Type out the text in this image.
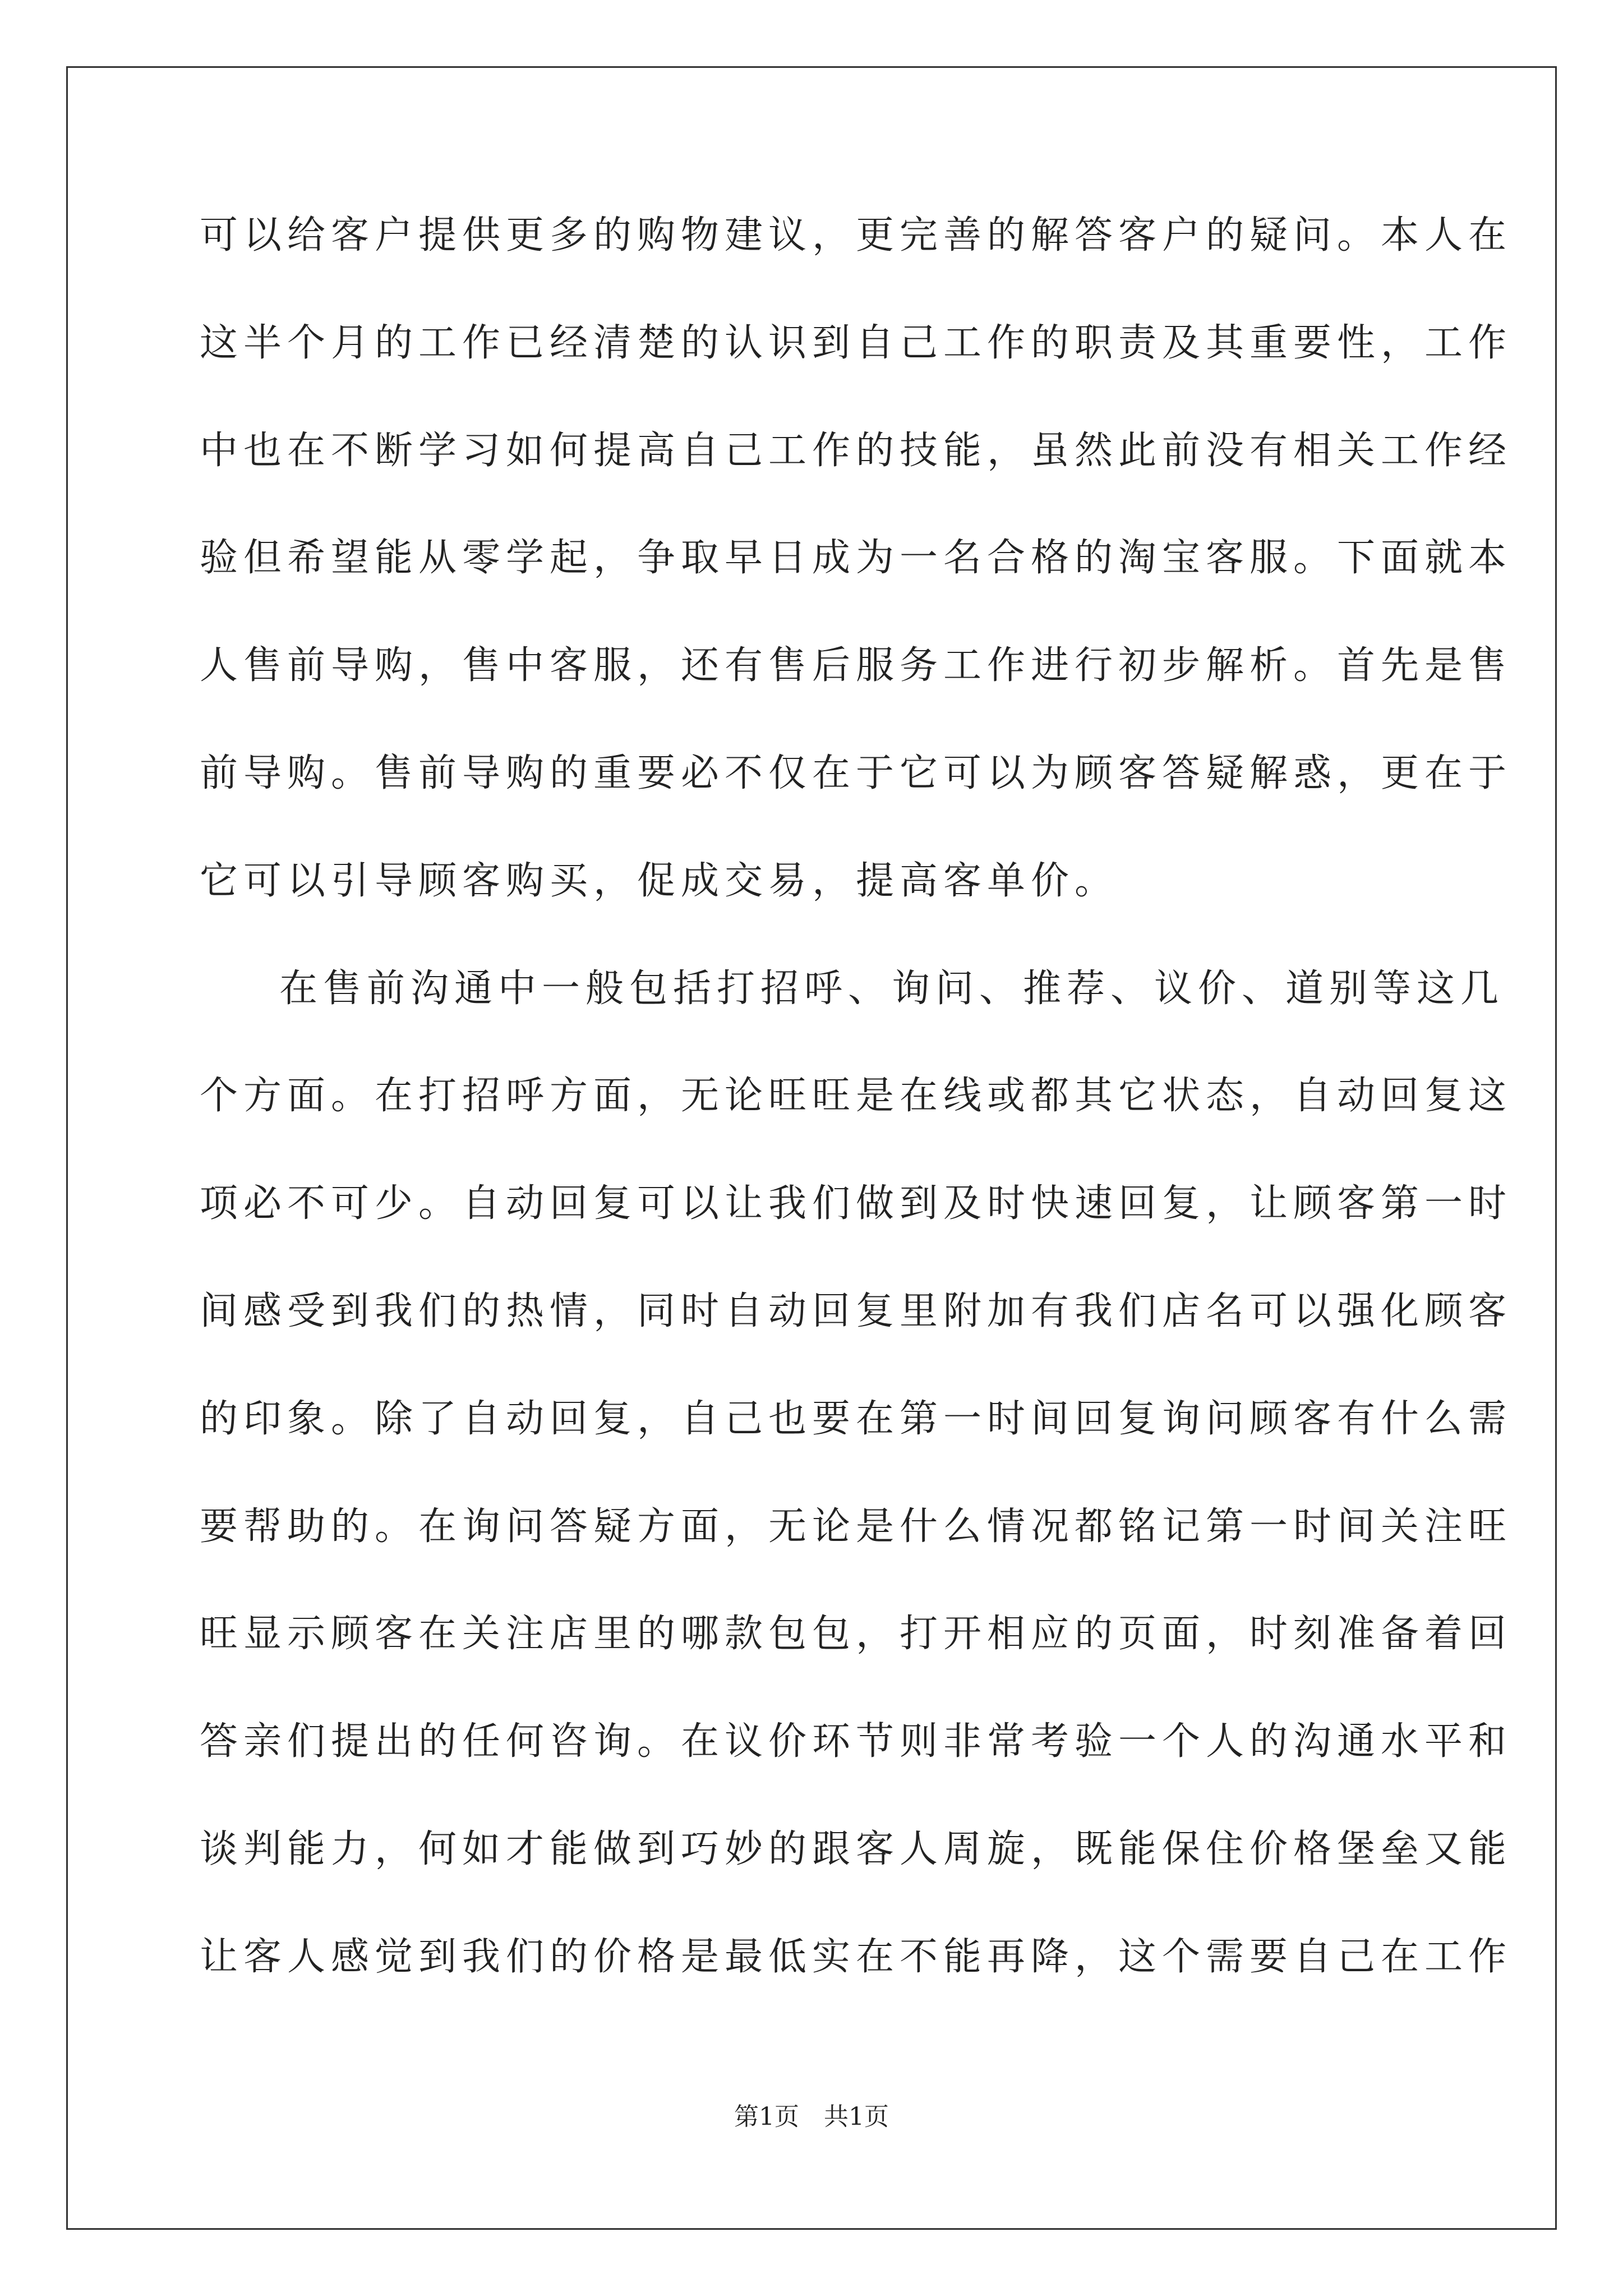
可以给客户提供更多的购物建议，更完善的解答客户的疑问。本人在
这半个月的工作已经清楚的认识到自己工作的职责及其重要性，工作
中也在不断学习如何提高自己工作的技能，虽然此前没有相关工作经
验但希望能从零学起，争取早日成为一名合格的淘宝客服。下面就本
人售前导购，售中客服，还有售后服务工作进行初步解析。首先是售
前导购。售前导购的重要必不仅在于它可以为顾客答疑解惑，更在于
它可以引导顾客购买，促成交易，提高客单价。
在售前沟通中一般包括打招呼、询问、推荐、议价、道别等这几
个方面。在打招呼方面，无论旺旺是在线或都其它状态，自动回复这
项必不可少。自动回复可以让我们做到及时快速回复，让顾客第一时
间感受到我们的热情，同时自动回复里附加有我们店名可以强化顾客
的印象。除了自动回复，自己也要在第一时间回复询问顾客有什么需
要帮助的。在询问答疑方面，无论是什么情况都铭记第一时间关注旺
旺显示顾客在关注店里的哪款包包，打开相应的页面，时刻准备着回
答亲们提出的任何咨询。在议价环节则非常考验一个人的沟通水平和
谈判能力，何如才能做到巧妙的跟客人周旋，既能保住价格堡垒又能
让客人感觉到我们的价格是最低实在不能再降，这个需要自己在工作
第1页　共1页
